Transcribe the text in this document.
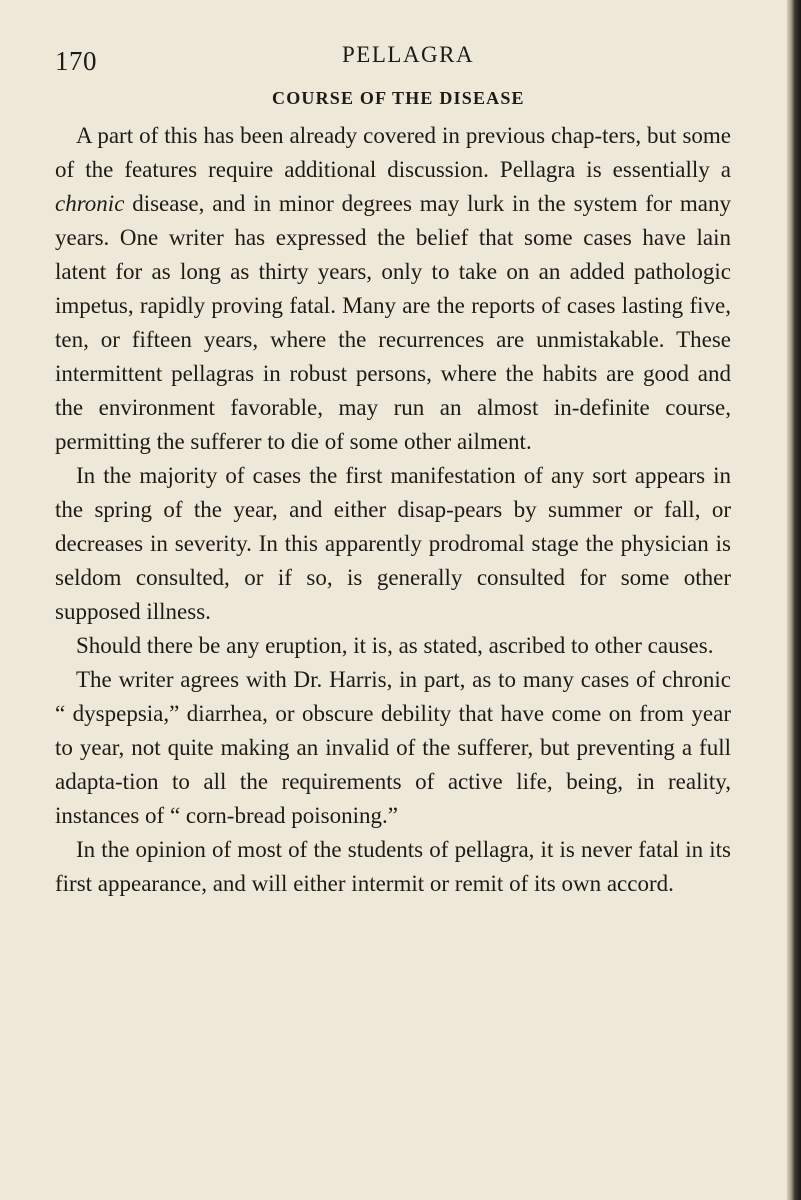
170	PELLAGRA
COURSE OF THE DISEASE

A part of this has been already covered in previous chap-ters, but some of the features require additional discussion. Pellagra is essentially a chronic disease, and in minor degrees may lurk in the system for many years. One writer has expressed the belief that some cases have lain latent for as long as thirty years, only to take on an added pathologic impetus, rapidly proving fatal. Many are the reports of cases lasting five, ten, or fifteen years, where the recurrences are unmistakable. These intermittent pellagras in robust persons, where the habits are good and the environment favorable, may run an almost in-definite course, permitting the sufferer to die of some other ailment.

In the majority of cases the first manifestation of any sort appears in the spring of the year, and either disap-pears by summer or fall, or decreases in severity. In this apparently prodromal stage the physician is seldom consulted, or if so, is generally consulted for some other supposed illness.

Should there be any eruption, it is, as stated, ascribed to other causes.

The writer agrees with Dr. Harris, in part, as to many cases of chronic “ dyspepsia,” diarrhea, or obscure debility that have come on from year to year, not quite making an invalid of the sufferer, but preventing a full adapta-tion to all the requirements of active life, being, in reality, instances of “ corn-bread poisoning.”

In the opinion of most of the students of pellagra, it is never fatal in its first appearance, and will either intermit or remit of its own accord.
